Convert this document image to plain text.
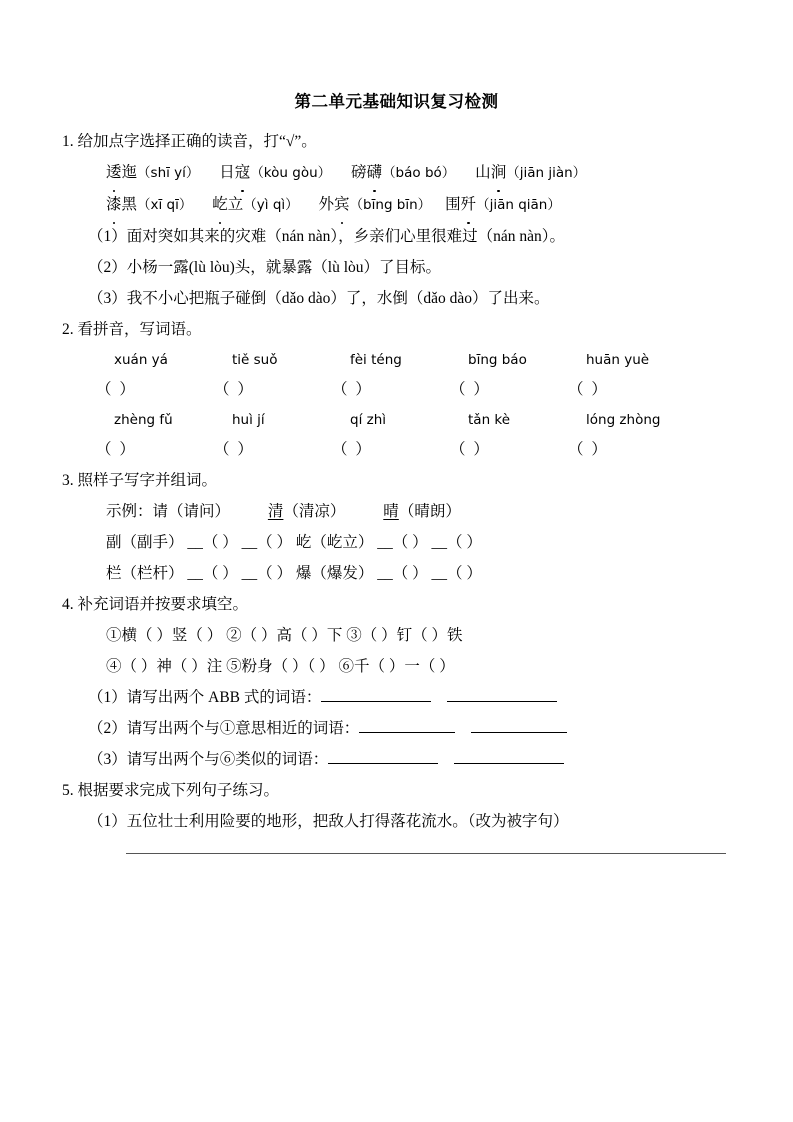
第二单元基础知识复习检测

1. 给加点字选择正确的读音，打“√”。

逶迤（shī yí） 日寇（kòu gòu） 磅礴（báo bó） 山涧（jiān jiàn）

漆黑（xī qī） 屹立（yì qì） 外宾（bīng bīn） 围歼（jiān qiān）

（1）面对突如其来的灾难（nán nàn），乡亲们心里很难过（nán nàn）。

（2）小杨一露(lù lòu)头，就暴露（lù lòu）了目标。

（3）我不小心把瓶子碰倒（dǎo dào）了，水倒（dǎo dào）了出来。

2. 看拼音，写词语。

xuán yá	tiě suǒ	fèi téng	bīng báo	huān yuè
（ ）	（ ）	（ ）	（ ）	（ ）
zhèng fǔ	huì jí	qí zhì	tǎn kè	lóng zhòng
（ ）	（ ）	（ ）	（ ）	（ ）

3. 照样子写字并组词。

示例：请（请问） 清（清凉） 晴（晴朗）

副（副手） __（ ） __（ ） 屹（屹立） __（ ） __（ ）

栏（栏杆） __（ ） __（ ） 爆（爆发） __（ ） __（ ）

4. 补充词语并按要求填空。

①横（ ）竖（ ） ②（ ）高（ ）下 ③（ ）钉（ ）铁

④（ ）神（ ）注 ⑤粉身（ ）（ ） ⑥千（ ）一（ ）

（1）请写出两个 ABB 式的词语：

（2）请写出两个与①意思相近的词语：

（3）请写出两个与⑥类似的词语：

5. 根据要求完成下列句子练习。

（1）五位壮士利用险要的地形，把敌人打得落花流水。（改为被字句）
